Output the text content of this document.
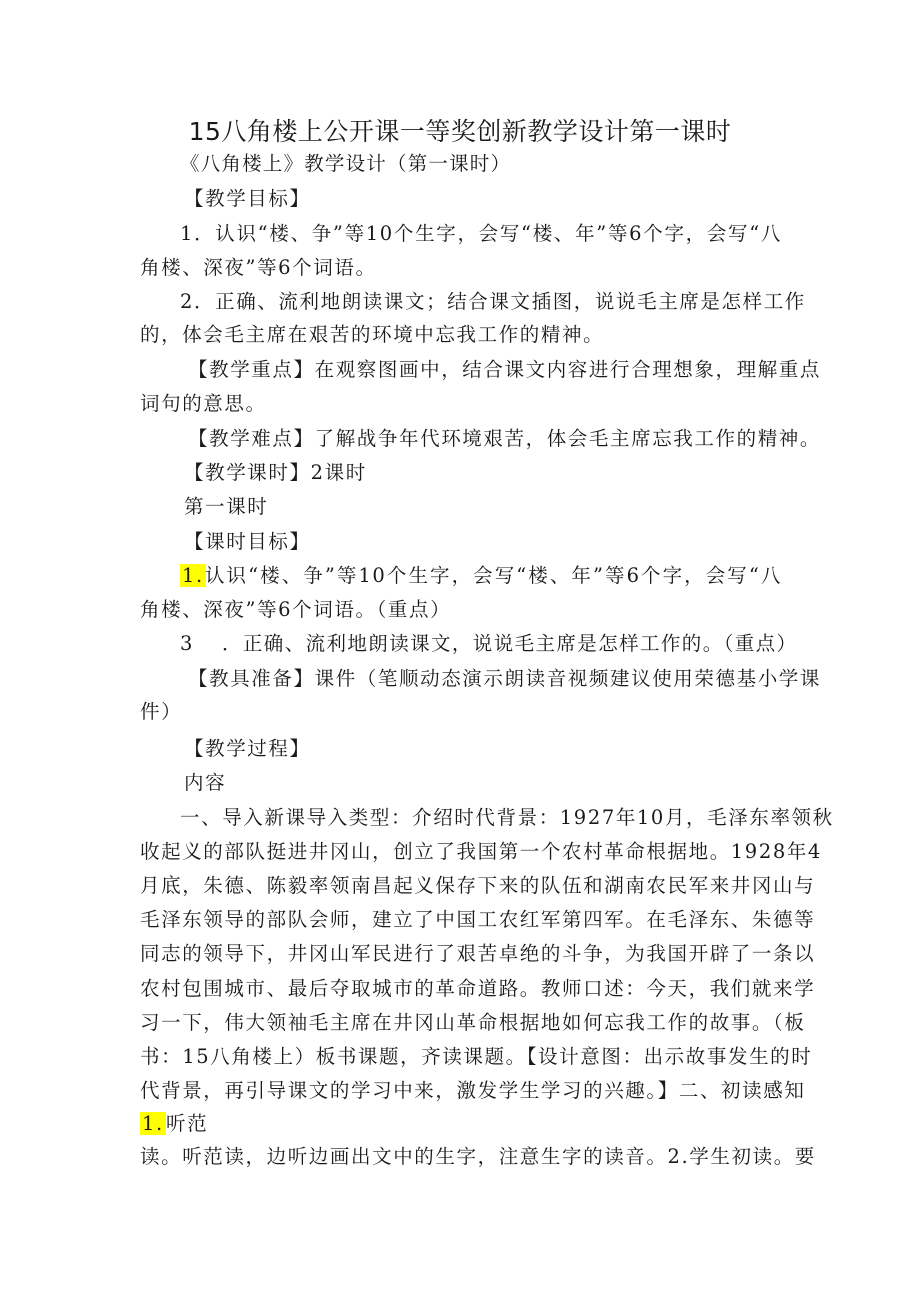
15八角楼上公开课一等奖创新教学设计第一课时
《八角楼上》教学设计（第一课时）
【教学目标】
1．认识“楼、争”等10个生字，会写“楼、年”等6个字，会写“八
角楼、深夜”等6个词语。
2．正确、流利地朗读课文；结合课文插图，说说毛主席是怎样工作
的，体会毛主席在艰苦的环境中忘我工作的精神。
【教学重点】在观察图画中，结合课文内容进行合理想象，理解重点
词句的意思。
【教学难点】了解战争年代环境艰苦，体会毛主席忘我工作的精神。
【教学课时】2课时
第一课时
【课时目标】
1. 认识“楼、争”等10个生字，会写“楼、年”等6个字，会写“八
角楼、深夜”等6个词语。（重点）
3 ．正确、流利地朗读课文，说说毛主席是怎样工作的。（重点）
【教具准备】课件（笔顺动态演示朗读音视频建议使用荣德基小学课
件）
【教学过程】
内容
一、导入新课导入类型：介绍时代背景：1927年10月，毛泽东率领秋
收起义的部队挺进井冈山，创立了我国第一个农村革命根据地。1928年4
月底，朱德、陈毅率领南昌起义保存下来的队伍和湖南农民军来井冈山与
毛泽东领导的部队会师，建立了中国工农红军第四军。在毛泽东、朱德等
同志的领导下，井冈山军民进行了艰苦卓绝的斗争，为我国开辟了一条以
农村包围城市、最后夺取城市的革命道路。教师口述：今天，我们就来学
习一下，伟大领袖毛主席在井冈山革命根据地如何忘我工作的故事。（板
书：15八角楼上）板书课题，齐读课题。【设计意图：出示故事发生的时
代背景，再引导课文的学习中来，激发学生学习的兴趣。】二、初读感知
1. 听范
读。听范读，边听边画出文中的生字，注意生字的读音。2.学生初读。要
